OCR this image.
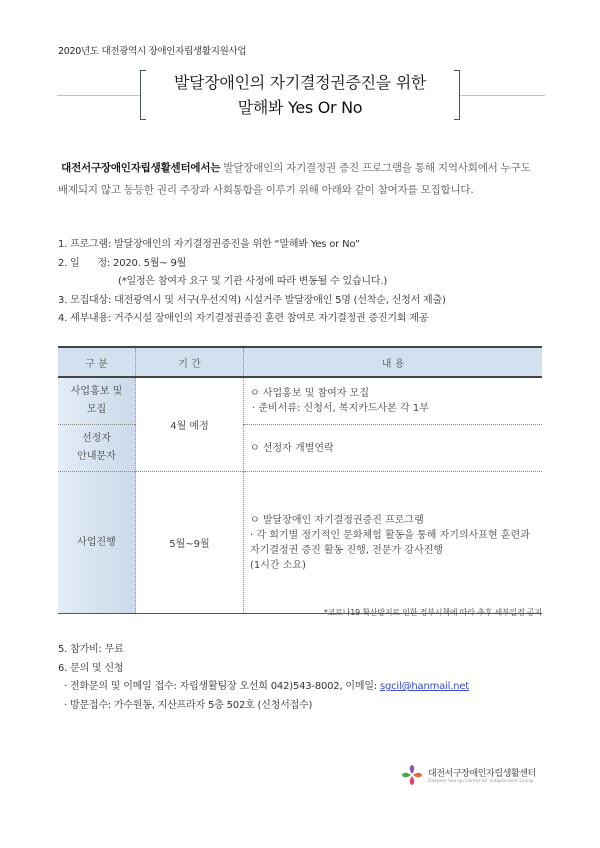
2020년도 대전광역시 장애인자립생활지원사업
발달장애인의 자기결정권증진을 위한
말해봐 Yes Or No
대전서구장애인자립생활센터에서는 발달장애인의 자기결정권 증진 프로그램을 통해 지역사회에서 누구도 배제되지 않고 동등한 권리 주장과 사회통합을 이루기 위해 아래와 같이 참여자를 모집합니다.
1. 프로그램: 발달장애인의 자기결정권증진을 위한 “말해봐 Yes or No”
2. 일      정: 2020. 5월~ 9월
(*일정은 참여자 요구 및 기관 사정에 따라 변동될 수 있습니다.)
3. 모집대상: 대전광역시 및 서구(우선지역) 시설거주 발달장애인 5명 (선착순, 신청서 제출)
4. 세부내용: 거주시설 장애인의 자기결정권증진 훈련 참여로 자기결정권 증진기회 제공
구 분	기 간	내 용

사업홍보 및
모집
	4월 예정	
ㅇ 사업홍보 및 참여자 모집
· 준비서류: 신청서, 복지카드사본 각 1부

선정자
안내문자		ㅇ 선정자 개별연락

사업진행	5월~9월	ㅇ 발달장애인 자기결정권증진 프로그램
· 각 회기별 정기적인 문화체험 활동을 통해 자기의사표현 훈련과 자기결정권 증진 활동 진행, 전문가 강사진행
(1시간 소요)
*코로나19 확산방지로 인한 정부시책에 따라 추후 세부일정 공지
5. 참가비: 무료
6. 문의 및 신청
· 전화문의 및 이메일 접수: 자립생활팀장 오선희 042)543-8002, 이메일: sgcil@hanmail.net
· 방문접수: 가수원동, 지산프라자 5층 502호 (신청서접수)
대전서구장애인자립생활센터
Daejeon Seo-gu Center for Independent Living
